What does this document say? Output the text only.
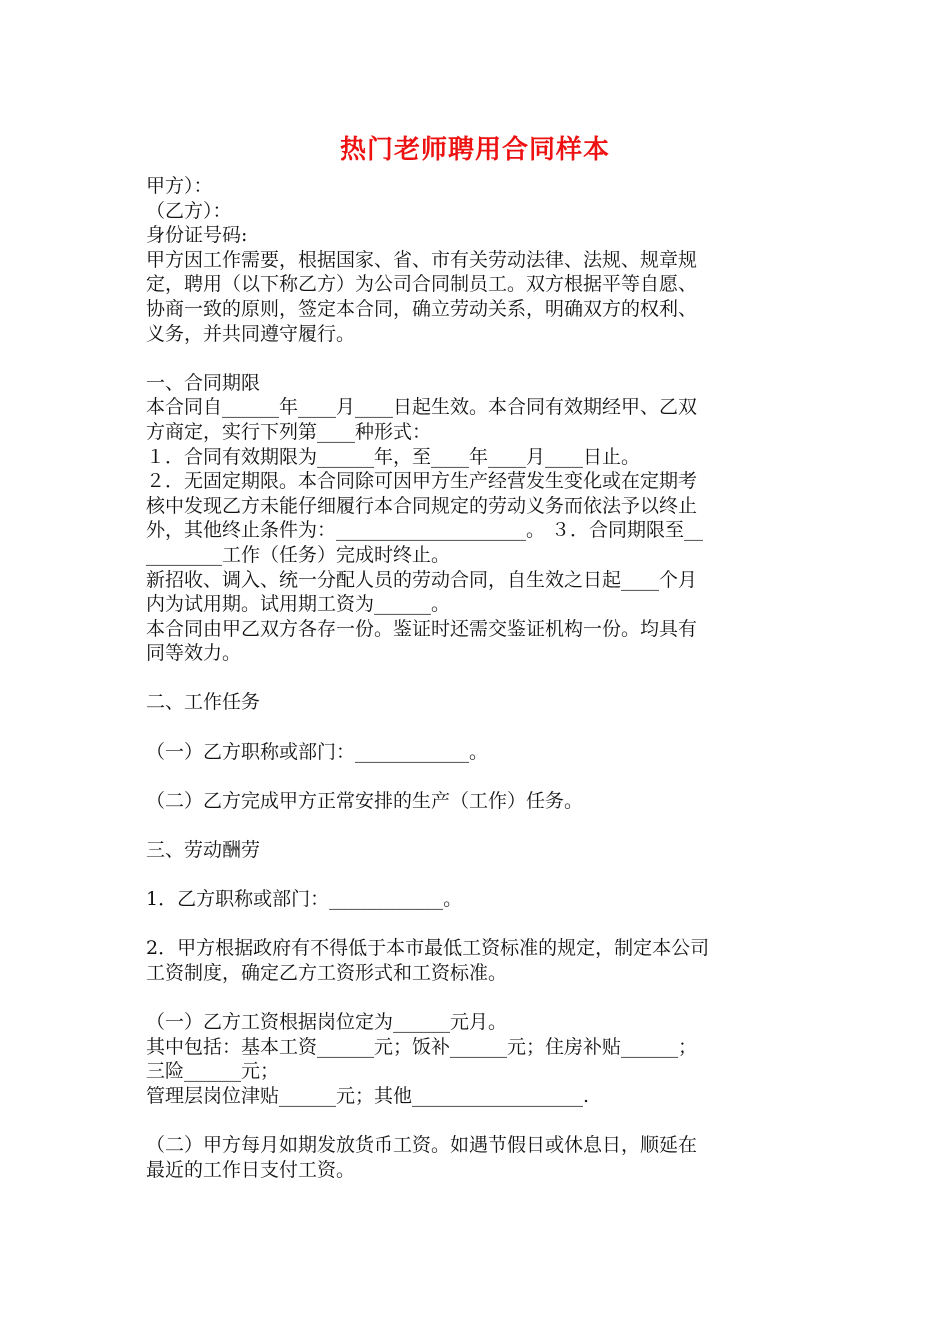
热门老师聘用合同样本
甲方）：
（乙方）：
身份证号码:
甲方因工作需要，根据国家、省、市有关劳动法律、法规、规章规
定，聘用（以下称乙方）为公司合同制员工。双方根据平等自愿、
协商一致的原则，签定本合同，确立劳动关系，明确双方的权利、
义务，并共同遵守履行。
一、合同期限
本合同自______年____月____日起生效。本合同有效期经甲、乙双
方商定，实行下列第____种形式：
１．合同有效期限为______年，至____年____月____日止。
２．无固定期限。本合同除可因甲方生产经营发生变化或在定期考
核中发现乙方未能仔细履行本合同规定的劳动义务而依法予以终止
外，其他终止条件为：____________________。 ３．合同期限至__
________工作（任务）完成时终止。
新招收、调入、统一分配人员的劳动合同，自生效之日起____个月
内为试用期。试用期工资为______。
本合同由甲乙双方各存一份。鉴证时还需交鉴证机构一份。均具有
同等效力。
二、工作任务
（一）乙方职称或部门：____________。
（二）乙方完成甲方正常安排的生产（工作）任务。
三、劳动酬劳
1．乙方职称或部门：____________。
2．甲方根据政府有不得低于本市最低工资标准的规定，制定本公司
工资制度，确定乙方工资形式和工资标准。
（一）乙方工资根据岗位定为______元月。
其中包括：基本工资______元；饭补______元；住房补贴______；
三险______元；
管理层岗位津贴______元；其他__________________.
（二）甲方每月如期发放货币工资。如遇节假日或休息日，顺延在
最近的工作日支付工资。
